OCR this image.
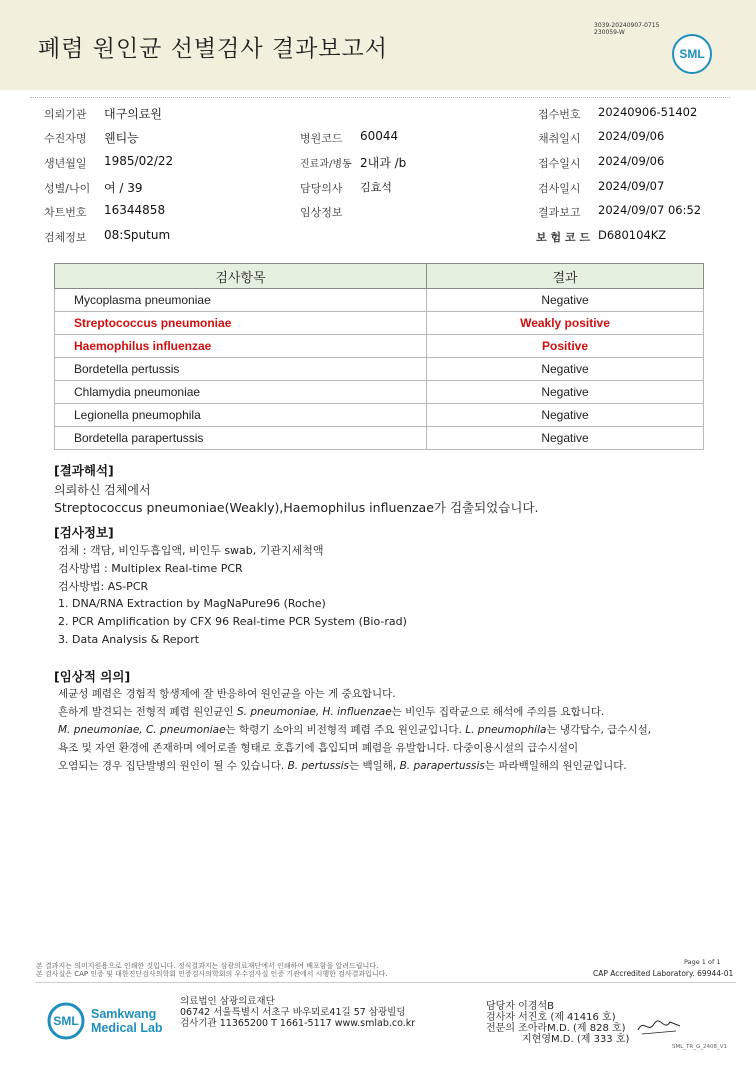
폐렴 원인균 선별검사 결과보고서
3039-20240907-0715
230059-W
SML
의뢰기관 대구의료원
수진자명 웬티능
생년월일 1985/02/22
성별/나이 여 / 39
차트번호 16344858
검체정보 08:Sputum
병원코드 60044
진료과/병동 2내과 /b
담당의사 김효석
임상정보
접수번호 20240906-51402
채취일시 2024/09/06
접수일시 2024/09/06
검사일시 2024/09/07
결과보고 2024/09/07 06:52
보 험 코 드 D680104KZ
검사항목	결과
Mycoplasma pneumoniae	Negative
Streptococcus pneumoniae	Weakly positive
Haemophilus influenzae	Positive
Bordetella pertussis	Negative
Chlamydia pneumoniae	Negative
Legionella pneumophila	Negative
Bordetella parapertussis	Negative
[결과해석]
의뢰하신 검체에서
Streptococcus pneumoniae(Weakly),Haemophilus influenzae가 검출되었습니다.
[검사정보]
검체 : 객담, 비인두흡입액, 비인두 swab, 기관지세척액
검사방법 : Multiplex Real-time PCR
검사방법: AS-PCR
1. DNA/RNA Extraction by MagNaPure96 (Roche)
2. PCR Amplification by CFX 96 Real-time PCR System (Bio-rad)
3. Data Analysis & Report
[임상적 의의]
세균성 폐렴은 경험적 항생제에 잘 반응하여 원인균을 아는 게 중요합니다.
흔하게 발견되는 전형적 폐렴 원인균인 S. pneumoniae, H. influenzae는 비인두 집락균으로 해석에 주의를 요합니다.
M. pneumoniae, C. pneumoniae는 학령기 소아의 비전형적 폐렴 주요 원인균입니다. L. pneumophila는 냉각탑수, 급수시설,
욕조 및 자연 환경에 존재하며 에어로졸 형태로 호흡기에 흡입되며 폐렴을 유발합니다. 다중이용시설의 급수시설이
오염되는 경우 집단발병의 원인이 될 수 있습니다. B. pertussis는 백일해, B. parapertussis는 파라백일해의 원인균입니다.
본 결과지는 의미지원용으로 인쇄한 것입니다. 정식결과지는 삼광의료재단에서 인쇄하여 배포함을 알려드립니다.
본 검사실은 CAP 인증 및 대한진단검사의학회 인증검사의학회의 우수검사실 인증 기관에서 시행한 검사결과입니다.
Page 1 of 1
CAP Accredited Laboratory. 69944-01
SML Samkwang
Medical Lab
의료법인 삼광의료재단
06742 서울특별시 서초구 바우뫼로41길 57 삼광빌딩
검사기관 11365200 T 1661-5117 www.smlab.co.kr
담당자 이경석B
검사자 서진호 (제 41416 호)
전문의 조아라M.D. (제 828 호)
지현영M.D. (제 333 호)
SML_TR_G_2408_V1
